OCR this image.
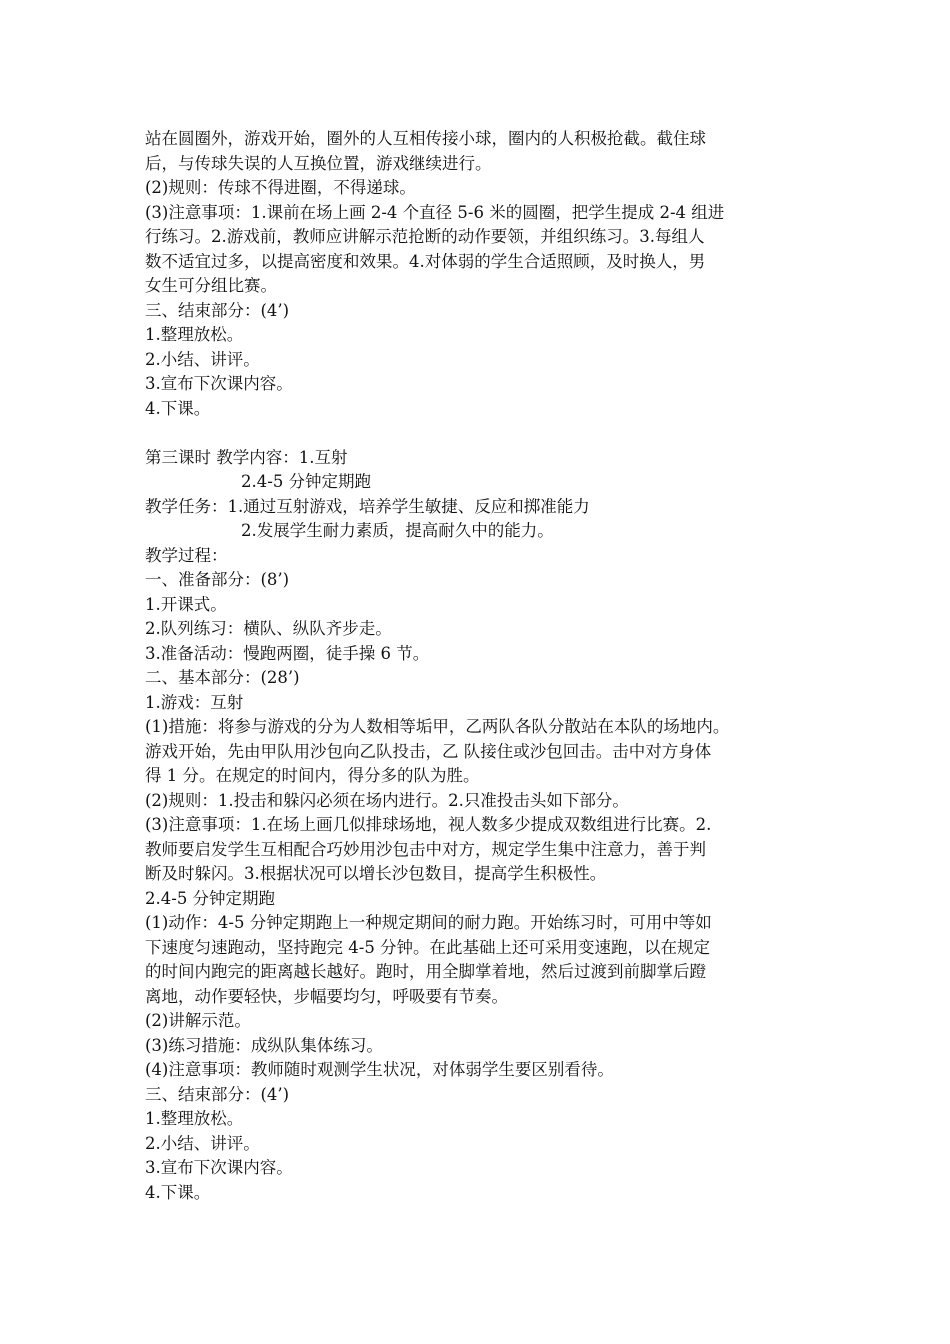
站在圆圈外，游戏开始，圈外的人互相传接小球，圈内的人积极抢截。截住球
后，与传球失误的人互换位置，游戏继续进行。
(2)规则：传球不得进圈，不得递球。
(3)注意事项：1.课前在场上画 2-4 个直径 5-6 米的圆圈，把学生提成 2-4 组进
行练习。2.游戏前，教师应讲解示范抢断的动作要领，并组织练习。3.每组人
数不适宜过多，以提高密度和效果。4.对体弱的学生合适照顾，及时换人，男
女生可分组比赛。
三、结束部分：(4’)
1.整理放松。
2.小结、讲评。
3.宣布下次课内容。
4.下课。
第三课时 教学内容：1.互射
2.4-5 分钟定期跑
教学任务：1.通过互射游戏，培养学生敏捷、反应和掷准能力
2.发展学生耐力素质，提高耐久中的能力。
教学过程：
一、准备部分：(8’)
1.开课式。
2.队列练习：横队、纵队齐步走。
3.准备活动：慢跑两圈，徒手操 6 节。
二、基本部分：(28’)
1.游戏：互射
(1)措施：将参与游戏的分为人数相等垢甲，乙两队各队分散站在本队的场地内。
游戏开始，先由甲队用沙包向乙队投击，乙 队接住或沙包回击。击中对方身体
得 1 分。在规定的时间内，得分多的队为胜。
(2)规则：1.投击和躲闪必须在场内进行。2.只准投击头如下部分。
(3)注意事项：1.在场上画几似排球场地，视人数多少提成双数组进行比赛。2.
教师要启发学生互相配合巧妙用沙包击中对方，规定学生集中注意力，善于判
断及时躲闪。3.根据状况可以增长沙包数目，提高学生积极性。
2.4-5 分钟定期跑
(1)动作：4-5 分钟定期跑上一种规定期间的耐力跑。开始练习时，可用中等如
下速度匀速跑动，坚持跑完 4-5 分钟。在此基础上还可采用变速跑，以在规定
的时间内跑完的距离越长越好。跑时，用全脚掌着地，然后过渡到前脚掌后蹬
离地，动作要轻快，步幅要均匀，呼吸要有节奏。
(2)讲解示范。
(3)练习措施：成纵队集体练习。
(4)注意事项：教师随时观测学生状况，对体弱学生要区别看待。
三、结束部分：(4’)
1.整理放松。
2.小结、讲评。
3.宣布下次课内容。
4.下课。
